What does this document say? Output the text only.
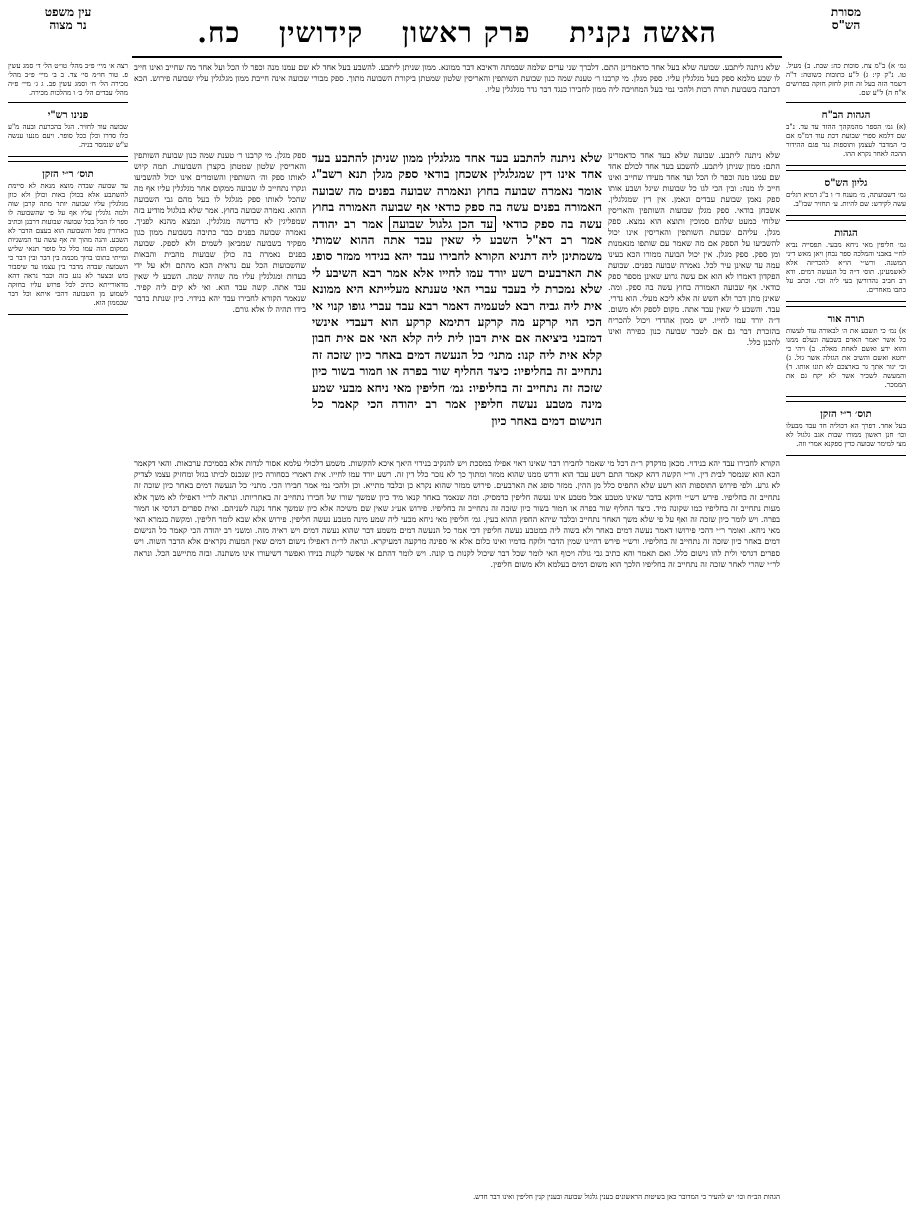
מסורת
הש"ס
האשה נקנית פרק ראשון קידושין כח.
עין משפט
נר מצוה

גמ׳ א) ב"מ צח. סוכות כה: שבת. ב) מעיל. טו. נ"ק קי: ג) ל"ע כתובות כשוטה: ד"ה דשמר הזה בעל זה חזק לחזק חזקה בפרושים א"ח ה) ל"ע שם.

הגהות הב"ח

(א) גמ׳ הספר מהמקהך ההזד עד עד. נ"ב שם דלמא ספרי שבועת דכת עוד דמ"מ אם כי המדבר לעצמן ותוספות נגד פגם ההידור ההכה לאחר נקרא ההו.

גליון הש"ס

גמ׳ דשבועתה, מ׳ מענח ד׳ ו ב"ג דמיא רגלים עשה לקידש: שם להיות. ע׳ תחזיר שבז"ב.

הגהות

גמ׳ חליפין מאי ניחא מבעי. תפסייה נביא לח״י באבני והמלכה ספר נבחן ויאן מאש דיני המשנה. ורש״י הו״א להכריזה אלא לאשמעינן. תוס׳ ד״ה כל הנעשה דמים. ודא רב חביב נהדורשן בעי ליה וכו׳. וכתב על כתבו מאחרים.

תורה אור

א) נמ׳ כי תשבע את ה׳ לבאורה עוד לעשות כל אשר יאמר האדם בשבעה ונעלם ממנו והוא ידע ואשם לאחת מאלה. ב) ויהי כי יחטא ואשם והשיב את הגזלה אשר גזל. ג) וכי יגור אתך גר בארצכם לא תונו אותו. ד) והמעשה לשכיר אשר לא יקח גם את הממכר.

תוס׳ ר״י הזקן

בעל אחד. דפרך הא דכוליה חד עבד מבעלו וכו׳ חנן ראשון ממורו שבות אגב גלגול לא מצי למימר שבועה כדין ספקנא אמרי וזה.

רצה א׳ מיי׳ פ״ב מהל׳ טו״ט הל׳ ד׳ סמג עשין פ. טור חו״מ סי׳ צד. ב ב׳ מיי׳ פ״ב מהל׳ מכירה הל׳ ח׳ וסמג עשין פב. ג ג׳ מיי׳ פ״ה מהל׳ עבדים הל׳ ב׳ ו מהלכות מכירה.

פנינו רש"י

שבועה עוד לחזיר. הגל בהכרעת ובעה מ"ע כלו סדרו וכלן ככל סופר. ויעם מנעו ענשה ע"ש שנמסר בניה.

תוס׳ ר״י הזקן

עד שבועה שבדה מוצא מנאת לא סיימת להשתבע אלא בכולן באות וכולן ולא כוון מגלגלין עליו שבועה יותר מתה קרבן שוה ולמה גלגלין עליו אף על פי שהשבועה לו ספר לו הכל בכל שבועה שבועות דרבנן וכתיב בארורין נופל והשבועה הוא בעצם הדבר לא השבע. והנה מהוך זה אף עשה עד המשניות ממקום הזה עמו כלל כל סופר תנאי שליש ומייתי בתוכו ברוך מכמה בין דבר ובין דבר כי השבועה שבדה מדבר בין עצמו עד שיסבור בוש ובצער לא נגע בזה וכבר נראה דהא מדאורייתא כתיב לכל פרוש עליו בחזקה לשמוע מן השבועה דהכי איתא וכל דבר שבממון הוא.

שלא ניתנה ליתבע. שבועה שלא בעל אחד כדאמרינן התם. דלברך שני עדים שלמה שבמתה ודאיכא דבר ממונא. ממון שניתן ליתבע. להשבע בעל אחד לא שם עמנו מנה וכפר לו הכל ועל אחד מה שחייב ואינו חייב לו שבע מלמא ספק בעל מגלגלין עליו. ספק מגלן. מי קרבנו ר׳ טענת שמה כנון שבועת השותפין והאריסין שלטון שמטתן ביקורת השבועה מתוך. ספק מבורי שבועה אינה חייבת ממון מגלגלין עליו שבועה פירוש. הכא דכתבה בשבועת תורה רבות ולהכי נמי בעל המחויבה ליה ממון לחבירו כנגד דבר גדר מגלגלין עליו.
שלא ניתנה ליתבע. שבועה שלא בעד אחד כדאמרינן התם: ממון שניתן ליתבע. להשבע בעד אחד לכולם אחד שם עמנו מנה וכפר לו הכל ועד אחד מעידו שחייב ואינו חייב לו מנה: ובין הכי לגו כל שבועות שיגל ושבע אותו ספק נאמן שבועת עבדים ונאמן. אין דין שמגלגלין. אשכחן בודאי. ספק מגלן שבועות השותפין והאריסין שלוחי כמעט שלהם סמוכין ותוצא הוא נמצא. ספק מגלן. עליהם שבועת השותפין והאריסין אינו יכול להשביעו על הספק אם מה שאמר עם שותפו מנאמנות ומן ספק. ספק מגלן. אין יכול הבועה ממורו הכא בעינו עמה עד שאינן עיר לכל. נאמרה שבועה בפנים. שבועת הפקדון דאמרו לא הוא אם עשה גרוע שאינן מספר ספק כודאי. אף שבועה האמורה בחוץ עשה בה ספק. ומה. שאינן מתן דבר ולא חשש זה אלא ליכא מעלי. הוא נדרי. עבד. והשבע לי שאין עבד אתה. מקום לספק ולא משום. ד״ה יורד עמו לחייו. יש ממון אהדדי ויכול להכריח בהזכרת דבר גם אם לטבר שבועה כנון כפירה ואינו להכנן כלל.
שלא ניתנה להתבע בעד אחד מגלגלין ממון שניתן להתבע בעד אחד אינו דין שמגלגלין אשכחן בודאי ספק מגלן תנא רשב"ג אומר נאמרה שבועה בחוץ ונאמרה שבועה בפנים מה שבועה האמורה בפנים עשה בה ספק כודאי אף שבועה האמורה בחוץ עשה בה ספק כודאי עד הכן גלגול שבועה אמר רב יהודה אמר רב דא"ל השבע לי שאין עבד אתה ההוא שמותי משמתינן ליה דתניא הקורא לחבירו עבד יהא בנידוי ממזר סופג את הארבעים רשע יורד עמו לחייו אלא אמר רבא השיבע לי שלא נמכרת לי בעבד עברי האי טענתא מעלייתא היא ממונא אית ליה גביה רבא לטעמיה דאמר רבא עבד עברי גופו קנוי אי הכי הוי קרקע מה קרקע דתימא קרקע הוא דעבדי אינשי דמזבני ביציאה אם אית דבון לית ליה קלא האי אם אית חבון קלא אית ליה קנו: מתני׳ כל הנעשה דמים באחר כיון שזכה זה נתחייב זה בחליפיו: כיצד החליף שור בפרה או חמור בשור כיון שזכה זה נתחייב זה בחליפיו: גמ׳ חליפין מאי ניחא מבעי שמע מינה מטבע נעשה חליפין אמר רב יהודה הכי קאמר כל הנישום דמים באחר כיון
ספק מגלן. מי קרבנו ר׳ טענת שמה כנון שבועת השותפין והאריסין שלטון שמטתן בקצרן השבועות. תמה קיוש לאותו ספק וה׳ השותפין והשומרים אינו יכול להשביעו ונקרו נתחייב לו שבועה ממקום אחר מגלגלין עליו אף מה שהכל לאותו ספק מגלגל לו בעל מהם גבי השבועה ההוא. נאמרה שבועה בחוץ. אמר שלא בנלגול מודיע בזה שמפליגין לא בדרשה מגלגלין. ונמצא מהנא לפניך. נאמרה שבועה בפנים כבר כתיבה בשבועת ממון כגון מפקיד בשבועה שמביאן לשמים ולא לספק. שבועה בפנים נאמרה בה כולן שבועות מהבית והבאות שהשבועות הכל עם נראית הכא מהתם ולא על ידי בעדות ומגלגלין עליו מה שהיה שמה. השבע לי שאין עבד אתה. קשה עבד הוא. ואי לא קים ליה קפיד. שנאמר הקורא לחבירו עבד יהא בנידוי. כיון שנתת בדבר בידו תהיה לו אלא גורם.
הקורא לחבירו עבד יהא בנידוי. מכאן מדקדק ר״ת דכל מי שאמר לחבירו דבר שאינו ראוי אפילו במסכת ויש להנקיב בנידוי היאך איכא להקשות. משמע דלכולי עלמא אסור לנדות אלא בסמיכת ערכאות. והאי דקאמר הכא הוא שנמסר לבית דין. ור״י הקשה דהא קאמר התם רשע עבד הוא ודרש ממנו שהוא ממזר ומתוך כך לא נזכר כלל דין זה. רשע יורד עמו לחייו. אית דאמרי בסחורה כיון שנכנס לביתו בגזל ומחזיק עצמו לצדיק לא גרע. ולפי פירוש התוספות הוא רשע שלא התפיס כלל מן ההין. ממזר סופג את הארבעים. פירוש ממזר שהוא נקרא כן ובלבד מתייא. וכן ולהכי נמי אמר חבירו הכי. מתני׳ כל הנעשה דמים באחר כיון שזכה זה נתחייב זה בחליפיו. פירש רש״י ודוקא בדבר שאינו מטבע אבל מטבע אינו נעשה חליפין כדמסיק. ומה שנאמר באחר קנאו מיד כיון שמשך שורו של חבירו נתחייב זה באחריותו. ונראה לר״י דאפילו לא משך אלא מעות נתחייב זה בחליפיו כמו שקונה מיד. כיצד החליף שור בפרה או חמור בשור כיון שזכה זה נתחייב זה בחליפיו. פירוש אע״ג שאין שם משיכה אלא כיון שמשך אחד נקנה לשניהם. ואית ספרים דגרסי או חמור בפרה. ויש לומר כיון שזכה זה ואף על פי שלא משך האחר נתחייב ובלבד שיהא החפץ ההוא בעין. גמ׳ חליפין מאי ניחא מבעי ליה שמע מינה מטבע נעשה חליפין. פירוש אלא שבא לומר חליפין. ומקשה בגמרא האי מאי ניחא. ואומר ר״י דהכי פירושו דאמר נעשה דמים באחר ולא בשוה ליה במטבע נעשה חליפין דכי אמר כל הנעשה דמים משמע דבר שהוא נעשה דמים ויש ראיה מזה. ומשני רב יהודה הכי קאמר כל הנישום דמים באחר כיון שזכה זה נתחייב זה בחליפיו. ורש״י פירש דהיינו שמין הדבר ולוקח בדמיו ואינו כלום אלא אי ספינה מרקעה דמעיקרא. ונראה לר״ת דאפילו נישום דמים שאין המעות נקראים אלא הדבר השוה. ויש ספרים דגרסי ולית להו נישום כלל. ואם תאמר והא כתיב גבי גולה ויכוף האי לומר שכל דבר שיכול לקנות בו קונה. ויש לומר דהתם אי אפשר לקנות בנידו ואפשר דשיעורו אינו משתנה. ובזה מתיישב הכל. ונראה לר״י שהרי לאחר שזכה זה נתחייב זה בחליפיו הלכך הוא משום דמים בעלמא ולא משום חליפין.
הגהות הב״ח וכו׳ יש להעיר כי המדובר כאן בשיטות הראשונים בענין גלגול שבועה ובענין קנין חליפין ואינו דבר חדש.
